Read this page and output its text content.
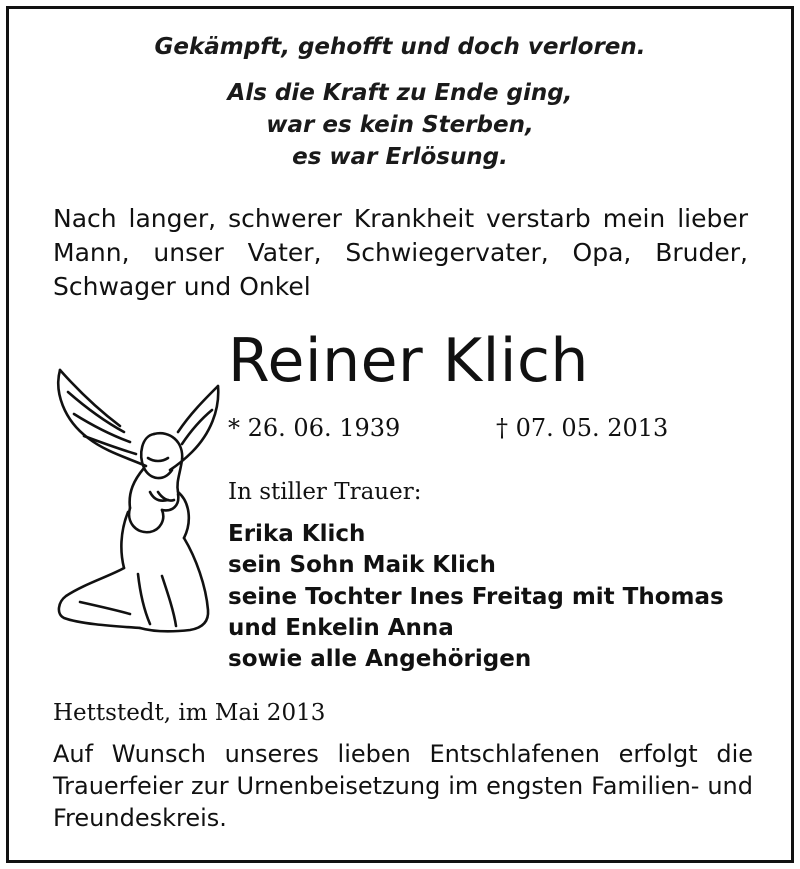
Gekämpft, gehofft und doch verloren.
Als die Kraft zu Ende ging,
war es kein Sterben,
es war Erlösung.
Nach langer, schwerer Krankheit verstarb mein lieber Mann, unser Vater, Schwiegervater, Opa, Bruder, Schwager und Onkel
Reiner Klich
* 26. 06. 1939	† 07. 05. 2013
In stiller Trauer:
Erika Klich
sein Sohn Maik Klich
seine Tochter Ines Freitag mit Thomas
und Enkelin Anna
sowie alle Angehörigen
Hettstedt, im Mai 2013
Auf Wunsch unseres lieben Entschlafenen erfolgt die Trauerfeier zur Urnenbeisetzung im engsten Familien- und Freundeskreis.
